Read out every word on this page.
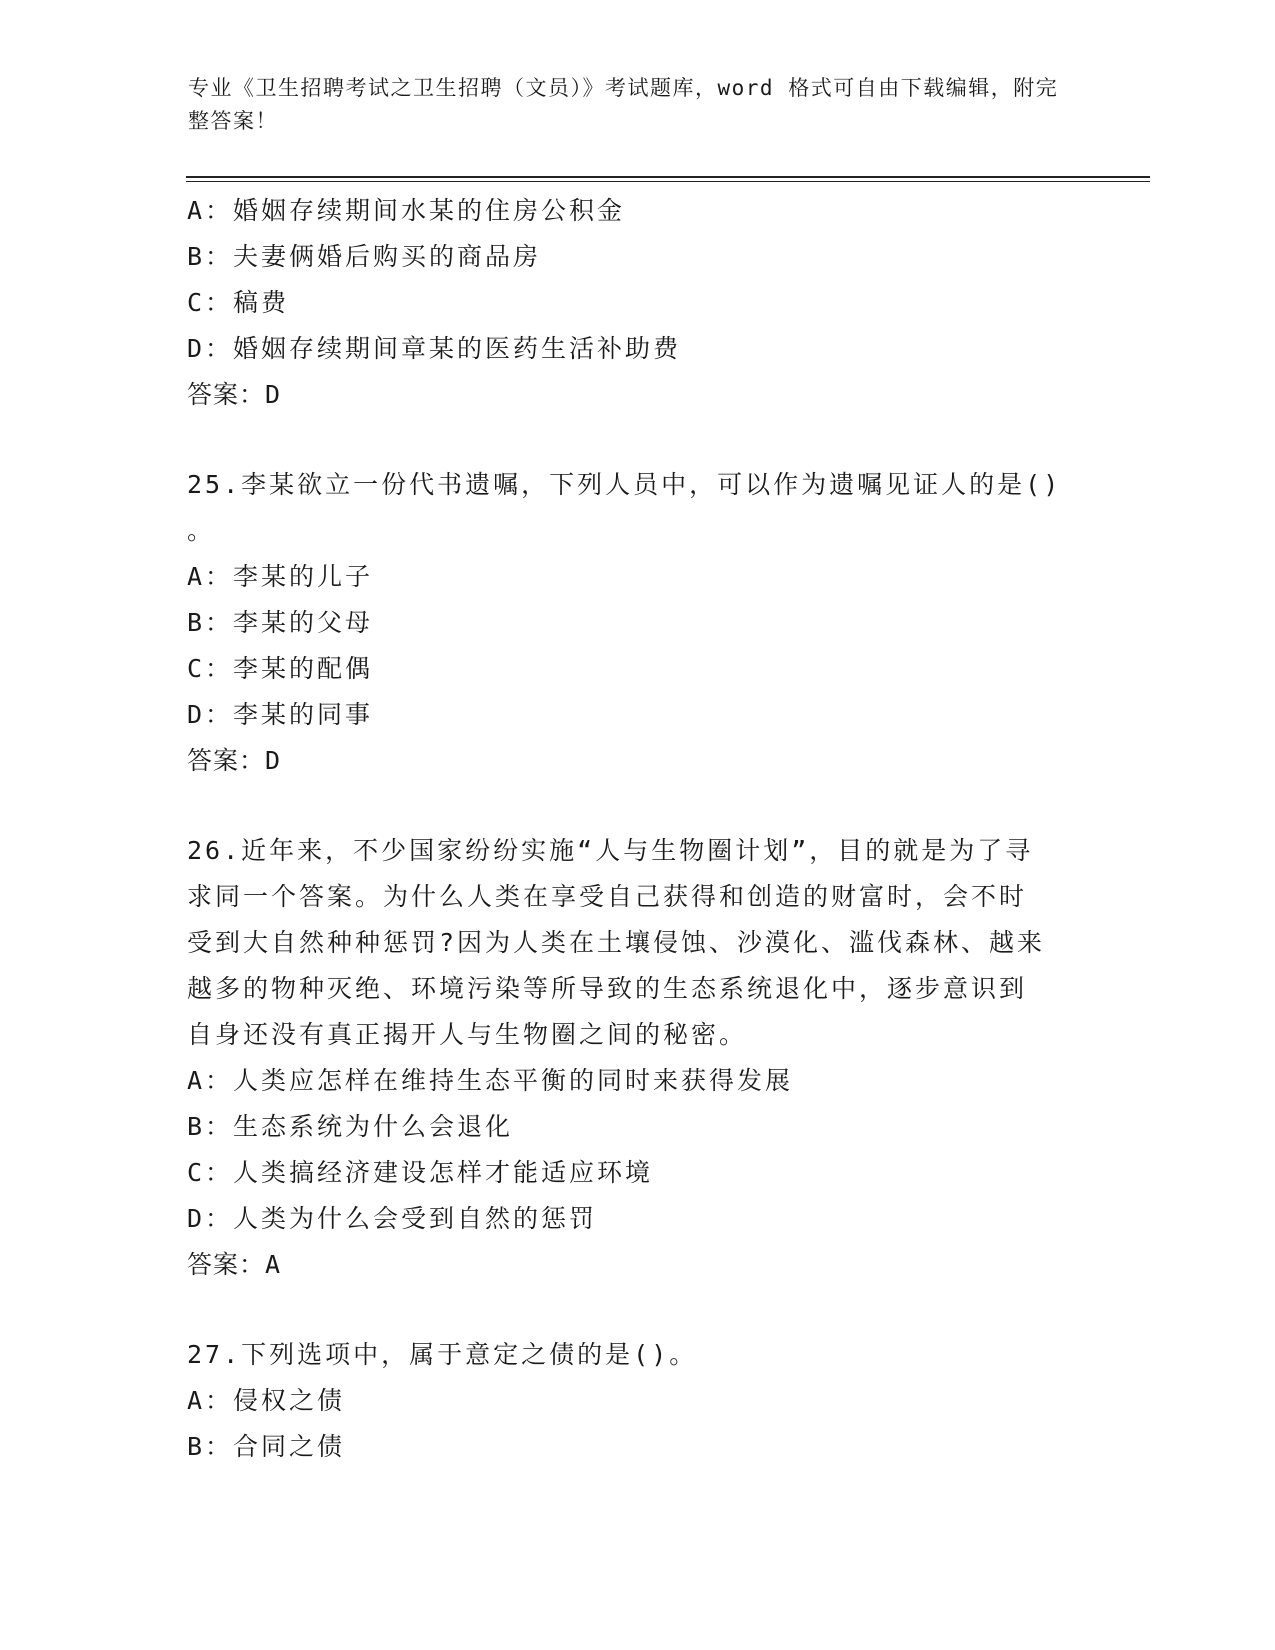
专业《卫生招聘考试之卫生招聘（文员）》考试题库，word 格式可自由下载编辑，附完整答案！
A：婚姻存续期间水某的住房公积金
B：夫妻俩婚后购买的商品房
C：稿费
D：婚姻存续期间章某的医药生活补助费
答案：D
25.李某欲立一份代书遗嘱，下列人员中，可以作为遗嘱见证人的是()
。
A：李某的儿子
B：李某的父母
C：李某的配偶
D：李某的同事
答案：D
26.近年来，不少国家纷纷实施“人与生物圈计划”，目的就是为了寻
求同一个答案。为什么人类在享受自己获得和创造的财富时，会不时
受到大自然种种惩罚?因为人类在土壤侵蚀、沙漠化、滥伐森林、越来
越多的物种灭绝、环境污染等所导致的生态系统退化中，逐步意识到
自身还没有真正揭开人与生物圈之间的秘密。
A：人类应怎样在维持生态平衡的同时来获得发展
B：生态系统为什么会退化
C：人类搞经济建设怎样才能适应环境
D：人类为什么会受到自然的惩罚
答案：A
27.下列选项中，属于意定之债的是()。
A：侵权之债
B：合同之债
